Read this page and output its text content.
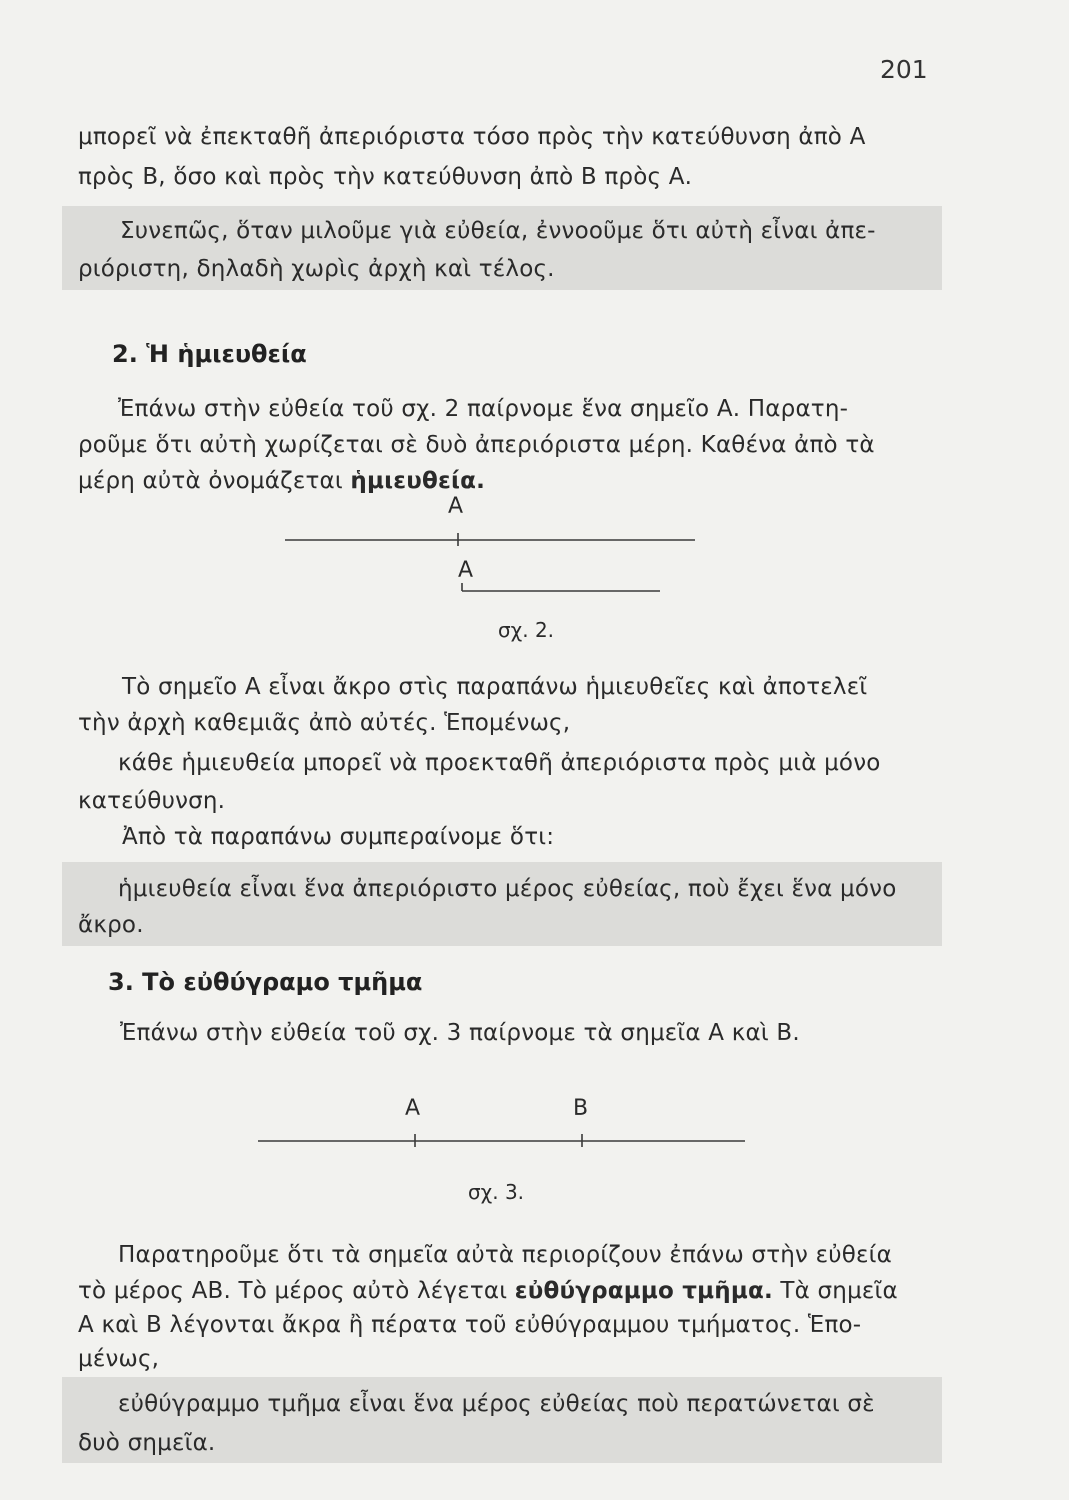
201

μπορεῖ νὰ ἐπεκταθῆ ἀπεριόριστα τόσο πρὸς τὴν κατεύθυνση ἀπὸ Α

πρὸς Β, ὅσο καὶ πρὸς τὴν κατεύθυνση ἀπὸ Β πρὸς Α.

Συνεπῶς, ὅταν μιλοῦμε γιὰ εὐθεία, ἐννοοῦμε ὅτι αὐτὴ εἶναι ἀπε-

ριόριστη, δηλαδὴ χωρὶς ἀρχὴ καὶ τέλος.

2. Ἡ ἡμιευθεία

Ἐπάνω στὴν εὐθεία τοῦ σχ. 2 παίρνομε ἕνα σημεῖο Α. Παρατη-

ροῦμε ὅτι αὐτὴ χωρίζεται σὲ δυὸ ἀπεριόριστα μέρη. Καθένα ἀπὸ τὰ

μέρη αὐτὰ ὀνομάζεται ἡμιευθεία.

Α
Α
σχ. 2.

Τὸ σημεῖο Α εἶναι ἄκρο στὶς παραπάνω ἡμιευθεῖες καὶ ἀποτελεῖ

τὴν ἀρχὴ καθεμιᾶς ἀπὸ αὐτές. Ἑπομένως,

κάθε ἡμιευθεία μπορεῖ νὰ προεκταθῆ ἀπεριόριστα πρὸς μιὰ μόνο

κατεύθυνση.

Ἀπὸ τὰ παραπάνω συμπεραίνομε ὅτι:

ἡμιευθεία εἶναι ἕνα ἀπεριόριστο μέρος εὐθείας, ποὺ ἔχει ἕνα μόνο

ἄκρο.

3. Τὸ εὐθύγραμο τμῆμα

Ἐπάνω στὴν εὐθεία τοῦ σχ. 3 παίρνομε τὰ σημεῖα Α καὶ Β.

Α	Β
σχ. 3.

Παρατηροῦμε ὅτι τὰ σημεῖα αὐτὰ περιορίζουν ἐπάνω στὴν εὐθεία

τὸ μέρος ΑΒ. Τὸ μέρος αὐτὸ λέγεται εὐθύγραμμο τμῆμα. Τὰ σημεῖα

Α καὶ Β λέγονται ἄκρα ἢ πέρατα τοῦ εὐθύγραμμου τμήματος. Ἑπο-

μένως,

εὐθύγραμμο τμῆμα εἶναι ἕνα μέρος εὐθείας ποὺ περατώνεται σὲ

δυὸ σημεῖα.
